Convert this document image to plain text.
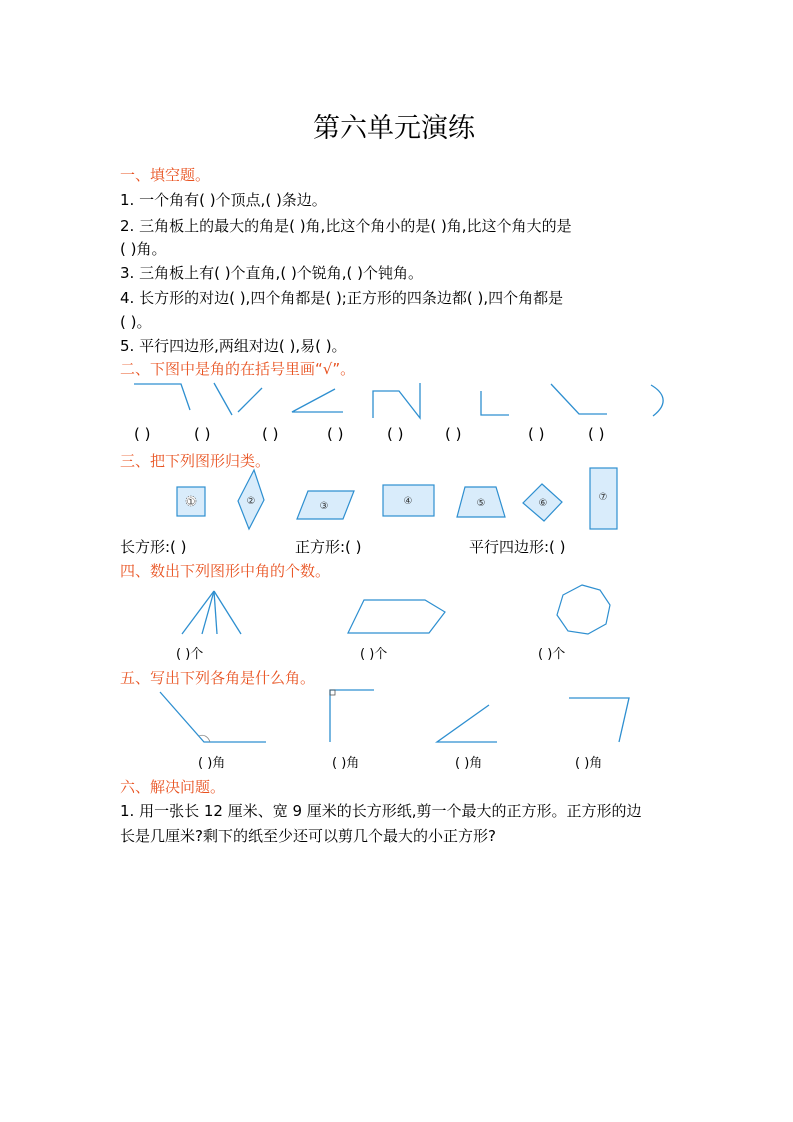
第六单元演练
一、填空题。
1. 一个角有( )个顶点,( )条边。
2. 三角板上的最大的角是( )角,比这个角小的是( )角,比这个角大的是
( )角。
3. 三角板上有( )个直角,( )个锐角,( )个钝角。
4. 长方形的对边( ),四个角都是( );正方形的四条边都( ),四个角都是
( )。
5. 平行四边形,两组对边( ),易( )。
二、下图中是角的在括号里画“√”。
( )	( )	( )	( )	( )	( )	( )	( )
三、把下列图形归类。
①	②	③	④	⑤	⑥
⑦
长方形:( )	正方形:( )	平行四边形:( )
四、数出下列图形中角的个数。
( )个	( )个	( )个
五、写出下列各角是什么角。
( )角	( )角	( )角	( )角
六、解决问题。
1. 用一张长 12 厘米、宽 9 厘米的长方形纸,剪一个最大的正方形。正方形的边
长是几厘米?剩下的纸至少还可以剪几个最大的小正方形?
